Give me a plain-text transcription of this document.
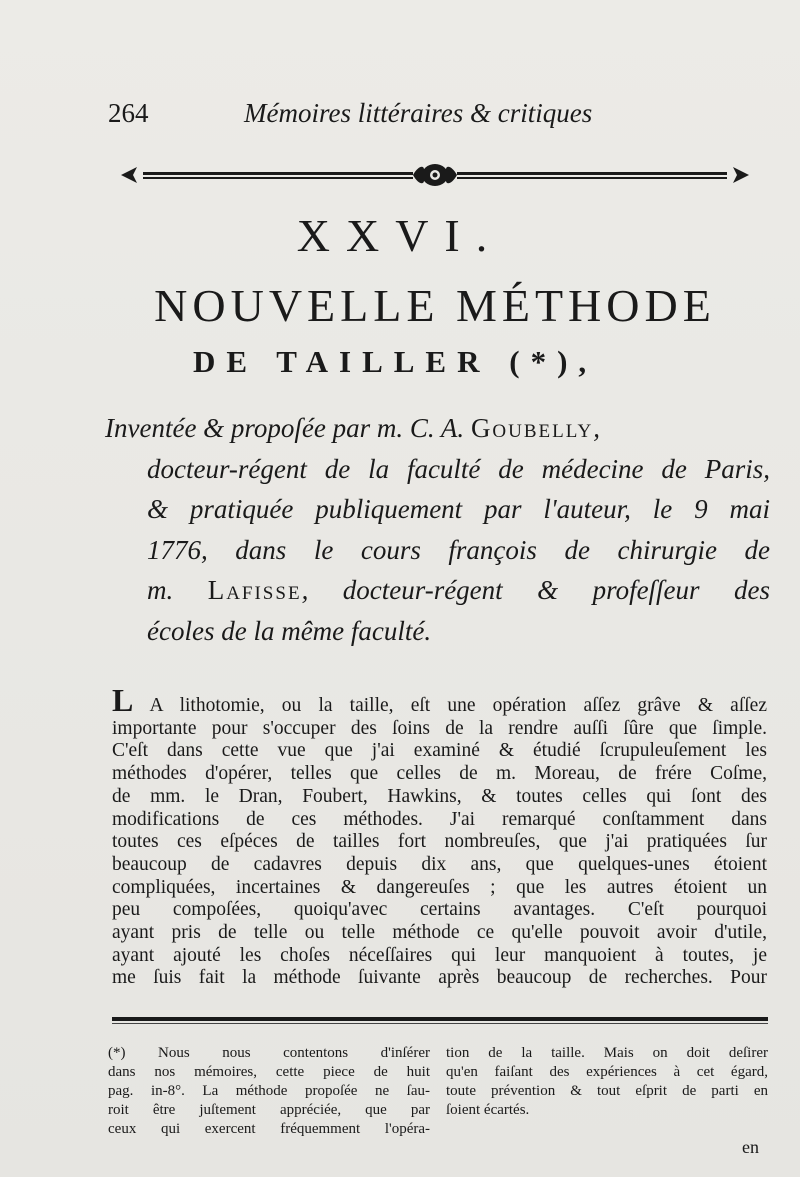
264	Mémoires littéraires & critiques
XXVI.
NOUVELLE MÉTHODE
DE TAILLER (*),
Inventée & propoſée par m. C. A. Goubelly,
docteur-régent de la faculté de médecine de Paris,
& pratiquée publiquement par l'auteur, le 9 mai
1776, dans le cours françois de chirurgie de
m. Lafisse, docteur-régent & profeſſeur des
écoles de la même faculté.
L A lithotomie, ou la taille, eſt une opération aſſez grâve & aſſez
importante pour s'occuper des ſoins de la rendre auſſi ſûre que ſimple.
C'eſt dans cette vue que j'ai examiné & étudié ſcrupuleuſement les
méthodes d'opérer, telles que celles de m. Moreau, de frére Coſme,
de mm. le Dran, Foubert, Hawkins, & toutes celles qui ſont des
modifications de ces méthodes. J'ai remarqué conſtamment dans
toutes ces eſpéces de tailles fort nombreuſes, que j'ai pratiquées ſur
beaucoup de cadavres depuis dix ans, que quelques-unes étoient
compliquées, incertaines & dangereuſes ; que les autres étoient un
peu compoſées, quoiqu'avec certains avantages. C'eſt pourquoi
ayant pris de telle ou telle méthode ce qu'elle pouvoit avoir d'utile,
ayant ajouté les choſes néceſſaires qui leur manquoient à toutes, je
me ſuis fait la méthode ſuivante après beaucoup de recherches. Pour
(*) Nous nous contentons d'inſérer
dans nos mémoires, cette piece de huit
pag. in-8°. La méthode propoſée ne ſau-
roit être juſtement appréciée, que par
ceux qui exercent fréquemment l'opéra-
tion de la taille. Mais on doit deſirer
qu'en faiſant des expériences à cet égard,
toute prévention & tout eſprit de parti en
ſoient écartés.
en
